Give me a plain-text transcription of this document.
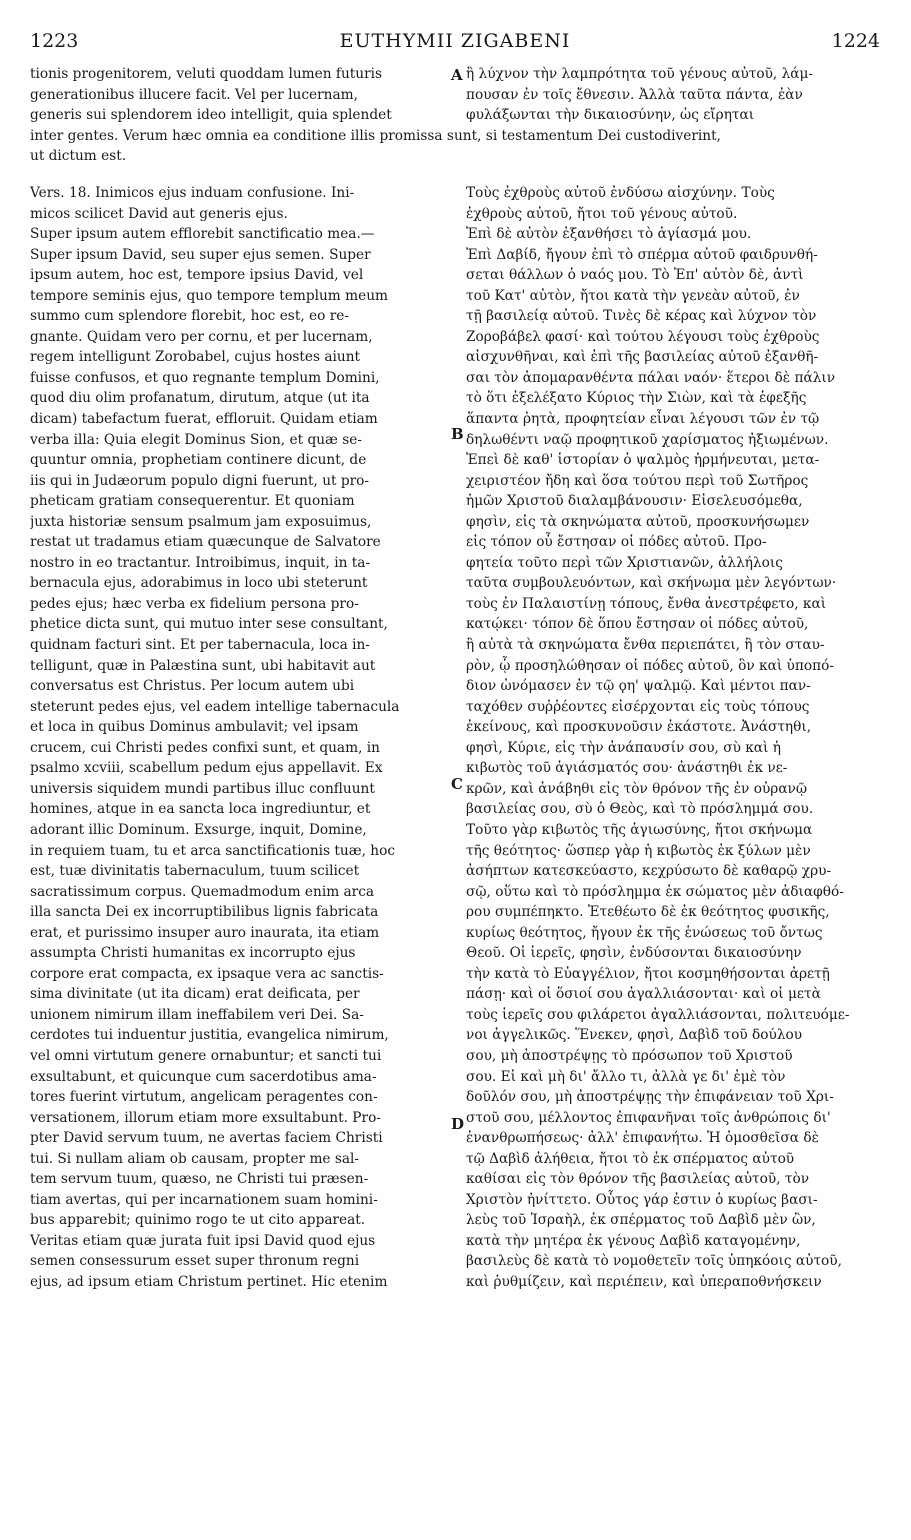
1223	EUTHYMII ZIGABENI	1224
tionis progenitorem, veluti quoddam lumen futuris
generationibus illucere facit. Vel per lucernam,
generis sui splendorem ideo intelligit, quia splendet
ἢ λύχνον τὴν λαμπρότητα τοῦ γένους αὐτοῦ, λάμ-
πουσαν ἐν τοῖς ἔθνεσιν. Ἀλλὰ ταῦτα πάντα, ἐὰν
φυλάξωνται τὴν δικαιοσύνην, ὡς εἴρηται
inter gentes. Verum hæc omnia ea conditione illis promissa sunt, si testamentum Dei custodiverint,
ut dictum est.
Vers. 18. Inimicos ejus induam confusione. Ini-
micos scilicet David aut generis ejus.
Super ipsum autem efflorebit sanctificatio mea.—
Super ipsum David, seu super ejus semen. Super
ipsum autem, hoc est, tempore ipsius David, vel
tempore seminis ejus, quo tempore templum meum
summo cum splendore florebit, hoc est, eo re-
gnante. Quidam vero per cornu, et per lucernam,
regem intelligunt Zorobabel, cujus hostes aiunt
fuisse confusos, et quo regnante templum Domini,
quod diu olim profanatum, dirutum, atque (ut ita
dicam) tabefactum fuerat, effloruit. Quidam etiam
verba illa: Quia elegit Dominus Sion, et quæ se-
quuntur omnia, prophetiam continere dicunt, de
iis qui in Judæorum populo digni fuerunt, ut pro-
pheticam gratiam consequerentur. Et quoniam
juxta historiæ sensum psalmum jam exposuimus,
restat ut tradamus etiam quæcunque de Salvatore
nostro in eo tractantur. Introibimus, inquit, in ta-
bernacula ejus, adorabimus in loco ubi steterunt
pedes ejus; hæc verba ex fidelium persona pro-
phetice dicta sunt, qui mutuo inter sese consultant,
quidnam facturi sint. Et per tabernacula, loca in-
telligunt, quæ in Palæstina sunt, ubi habitavit aut
conversatus est Christus. Per locum autem ubi
steterunt pedes ejus, vel eadem intellige tabernacula
et loca in quibus Dominus ambulavit; vel ipsam
crucem, cui Christi pedes confixi sunt, et quam, in
psalmo xcviii, scabellum pedum ejus appellavit. Ex
universis siquidem mundi partibus illuc confluunt
homines, atque in ea sancta loca ingrediuntur, et
adorant illic Dominum. Exsurge, inquit, Domine,
in requiem tuam, tu et arca sanctificationis tuæ, hoc
est, tuæ divinitatis tabernaculum, tuum scilicet
sacratissimum corpus. Quemadmodum enim arca
illa sancta Dei ex incorruptibilibus lignis fabricata
erat, et purissimo insuper auro inaurata, ita etiam
assumpta Christi humanitas ex incorrupto ejus
corpore erat compacta, ex ipsaque vera ac sanctis-
sima divinitate (ut ita dicam) erat deificata, per
unionem nimirum illam ineffabilem veri Dei. Sa-
cerdotes tui induentur justitia, evangelica nimirum,
vel omni virtutum genere ornabuntur; et sancti tui
exsultabunt, et quicunque cum sacerdotibus ama-
tores fuerint virtutum, angelicam peragentes con-
versationem, illorum etiam more exsultabunt. Pro-
pter David servum tuum, ne avertas faciem Christi
tui. Si nullam aliam ob causam, propter me sal-
tem servum tuum, quæso, ne Christi tui præsen-
tiam avertas, qui per incarnationem suam homini-
bus apparebit; quinimo rogo te ut cito appareat.
Veritas etiam quæ jurata fuit ipsi David quod ejus
semen consessurum esset super thronum regni
ejus, ad ipsum etiam Christum pertinet. Hic etenim
Τοὺς ἐχθροὺς αὐτοῦ ἐνδύσω αἰσχύνην. Τοὺς
ἐχθροὺς αὐτοῦ, ἤτοι τοῦ γένους αὐτοῦ.
Ἐπὶ δὲ αὐτὸν ἐξανθήσει τὸ ἁγίασμά μου.
Ἐπὶ Δαβίδ, ἤγουν ἐπὶ τὸ σπέρμα αὐτοῦ φαιδρυνθή-
σεται θάλλων ὁ ναός μου. Τὸ Ἐπ' αὐτὸν δὲ, ἀντὶ
τοῦ Κατ' αὐτὸν, ἤτοι κατὰ τὴν γενεὰν αὐτοῦ, ἐν
τῇ βασιλείᾳ αὐτοῦ. Τινὲς δὲ κέρας καὶ λύχνον τὸν
Ζοροβάβελ φασί· καὶ τούτου λέγουσι τοὺς ἐχθροὺς
αἰσχυνθῆναι, καὶ ἐπὶ τῆς βασιλείας αὐτοῦ ἐξανθῆ-
σαι τὸν ἀπομαρανθέντα πάλαι ναόν· ἕτεροι δὲ πάλιν
τὸ ὅτι ἐξελέξατο Κύριος τὴν Σιὼν, καὶ τὰ ἑφεξῆς
ἅπαντα ῥητὰ, προφητείαν εἶναι λέγουσι τῶν ἐν τῷ
δηλωθέντι ναῷ προφητικοῦ χαρίσματος ἠξιωμένων.
Ἐπεὶ δὲ καθ' ἱστορίαν ὁ ψαλμὸς ἡρμήνευται, μετα-
χειριστέον ἤδη καὶ ὅσα τούτου περὶ τοῦ Σωτῆρος
ἡμῶν Χριστοῦ διαλαμβάνουσιν· Εἰσελευσόμεθα,
φησὶν, εἰς τὰ σκηνώματα αὐτοῦ, προσκυνήσωμεν
εἰς τόπον οὗ ἔστησαν οἱ πόδες αὐτοῦ. Προ-
φητεία τοῦτο περὶ τῶν Χριστιανῶν, ἀλλήλοις
ταῦτα συμβουλευόντων, καὶ σκήνωμα μὲν λεγόντων·
τοὺς ἐν Παλαιστίνῃ τόπους, ἔνθα ἀνεστρέφετο, καὶ
κατῴκει· τόπον δὲ ὅπου ἔστησαν οἱ πόδες αὐτοῦ,
ἢ αὐτὰ τὰ σκηνώματα ἔνθα περιεπάτει, ἢ τὸν σταυ-
ρὸν, ᾧ προσηλώθησαν οἱ πόδες αὐτοῦ, ὃν καὶ ὑποπό-
διον ὠνόμασεν ἐν τῷ ϙη' ψαλμῷ. Καὶ μέντοι παν-
ταχόθεν συῤῥέοντες εἰσέρχονται εἰς τοὺς τόπους
ἐκείνους, καὶ προσκυνοῦσιν ἑκάστοτε. Ἀνάστηθι,
φησὶ, Κύριε, εἰς τὴν ἀνάπαυσίν σου, σὺ καὶ ἡ
κιβωτὸς τοῦ ἁγιάσματός σου· ἀνάστηθι ἐκ νε-
κρῶν, καὶ ἀνάβηθι εἰς τὸν θρόνον τῆς ἐν οὐρανῷ
βασιλείας σου, σὺ ὁ Θεὸς, καὶ τὸ πρόσλημμά σου.
Τοῦτο γὰρ κιβωτὸς τῆς ἁγιωσύνης, ἤτοι σκήνωμα
τῆς θεότητος· ὥσπερ γὰρ ἡ κιβωτὸς ἐκ ξύλων μὲν
ἀσήπτων κατεσκεύαστο, κεχρύσωτο δὲ καθαρῷ χρυ-
σῷ, οὕτω καὶ τὸ πρόσλημμα ἐκ σώματος μὲν ἀδιαφθό-
ρου συμπέπηκτο. Ἐτεθέωτο δὲ ἐκ θεότητος φυσικῆς,
κυρίως θεότητος, ἤγουν ἐκ τῆς ἑνώσεως τοῦ ὄντως
Θεοῦ. Οἱ ἱερεῖς, φησὶν, ἐνδύσονται δικαιοσύνην
τὴν κατὰ τὸ Εὐαγγέλιον, ἤτοι κοσμηθήσονται ἀρετῇ
πάσῃ· καὶ οἱ ὅσιοί σου ἀγαλλιάσονται· καὶ οἱ μετὰ
τοὺς ἱερεῖς σου φιλάρετοι ἀγαλλιάσονται, πολιτευόμε-
νοι ἀγγελικῶς. Ἕνεκεν, φησὶ, Δαβὶδ τοῦ δούλου
σου, μὴ ἀποστρέψῃς τὸ πρόσωπον τοῦ Χριστοῦ
σου. Εἰ καὶ μὴ δι' ἄλλο τι, ἀλλὰ γε δι' ἐμὲ τὸν
δοῦλόν σου, μὴ ἀποστρέψῃς τὴν ἐπιφάνειαν τοῦ Χρι-
στοῦ σου, μέλλοντος ἐπιφανῆναι τοῖς ἀνθρώποις δι'
ἐνανθρωπήσεως· ἀλλ' ἐπιφανήτω. Ἡ ὁμοσθεῖσα δὲ
τῷ Δαβὶδ ἀλήθεια, ἤτοι τὸ ἐκ σπέρματος αὐτοῦ
καθίσαι εἰς τὸν θρόνον τῆς βασιλείας αὐτοῦ, τὸν
Χριστὸν ἠνίττετο. Οὗτος γάρ ἐστιν ὁ κυρίως βασι-
λεὺς τοῦ Ἰσραὴλ, ἐκ σπέρματος τοῦ Δαβὶδ μὲν ὢν,
κατὰ τὴν μητέρα ἐκ γένους Δαβὶδ καταγομένην,
βασιλεὺς δὲ κατὰ τὸ νομοθετεῖν τοῖς ὑπηκόοις αὐτοῦ,
καὶ ῥυθμίζειν, καὶ περιέπειν, καὶ ὑπεραποθνήσκειν
A
B
C
D
